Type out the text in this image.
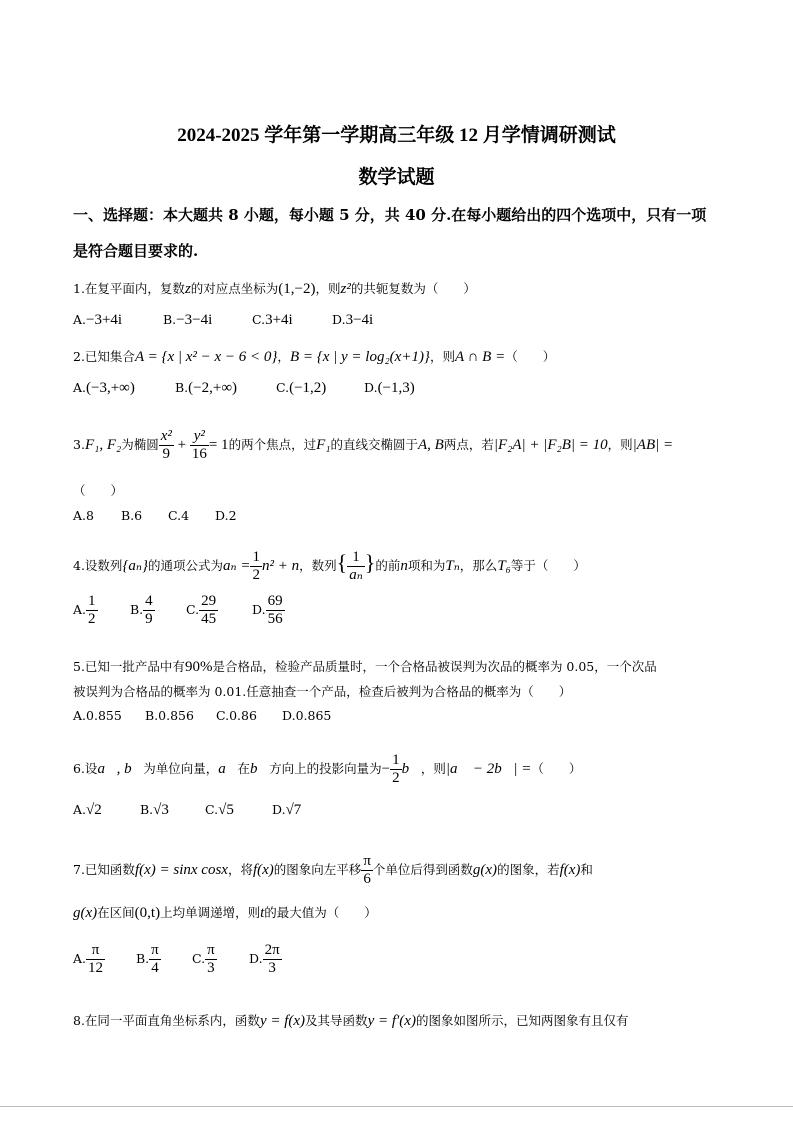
2024-2025 学年第一学期高三年级 12 月学情调研测试
数学试题
一、选择题：本大题共 8 小题，每小题 5 分，共 40 分.在每小题给出的四个选项中，只有一项
是符合题目要求的.
1.在复平面内，复数z的对应点坐标为(1,−2)，则z²的共轭复数为（　　）
A.−3+4i	B.−3−4i	C.3+4i	D.3−4i
2.已知集合A = {x | x² − x − 6 < 0}，B = {x | y = log₂(x+1)}，则A ∩ B =（　　）
A.(−3,+∞)	B.(−2,+∞)	C.(−1,2)	D.(−1,3)
3.F₁, F₂为椭圆 $\frac{\text{x²}}{9} + \frac{\text{y²}}{16} = 1$的两个焦点，过F₁的直线交椭圆于A, B两点，若|F₂A| + |F₂B| = 10，则|AB| =
（　　）
A.8 B.6 C.4 D.2
4.设数列{aₙ}的通项公式为$a_n = \frac{1}{2} n^2 + n$，数列{ $\frac{1}{\text{aₙ}}$ }的前n项和为Tₙ，那么T₆等于（　　）
A. $\frac{1}{2}$	B. $\frac{4}{9}$	C. $\frac{29}{45}$	D. $\frac{69}{56}$
5.已知一批产品中有90%是合格品，检验产品质量时，一个合格品被误判为次品的概率为 0.05，一个次品
被误判为合格品的概率为 0.01.任意抽查一个产品，检查后被判为合格品的概率为（　　）
A.0.855 B.0.856 C.0.86 D.0.865
6.设a⃗, b⃗为单位向量，a⃗在b⃗方向上的投影向量为− $\frac{1}{2}$ b⃗，则|a⃗ − 2b⃗| =（　　）
A.√2	B.√3	C.√5	D.√7
7.已知函数f(x) = sinx cosx，将f(x)的图象向左平移 $\frac{\pi}{6}$ 个单位后得到函数g(x)的图象，若f(x)和
g(x)在区间(0,t)上均单调递增，则t的最大值为（　　）
A. $\frac{\pi}{12} B$. $\frac{\pi}{4}$	C. $\frac{\pi}{3}$	D. $\frac{2\pi}{3}$
8.在同一平面直角坐标系内，函数y = f(x)及其导函数y = f′(x)的图象如图所示，已知两图象有且仅有
